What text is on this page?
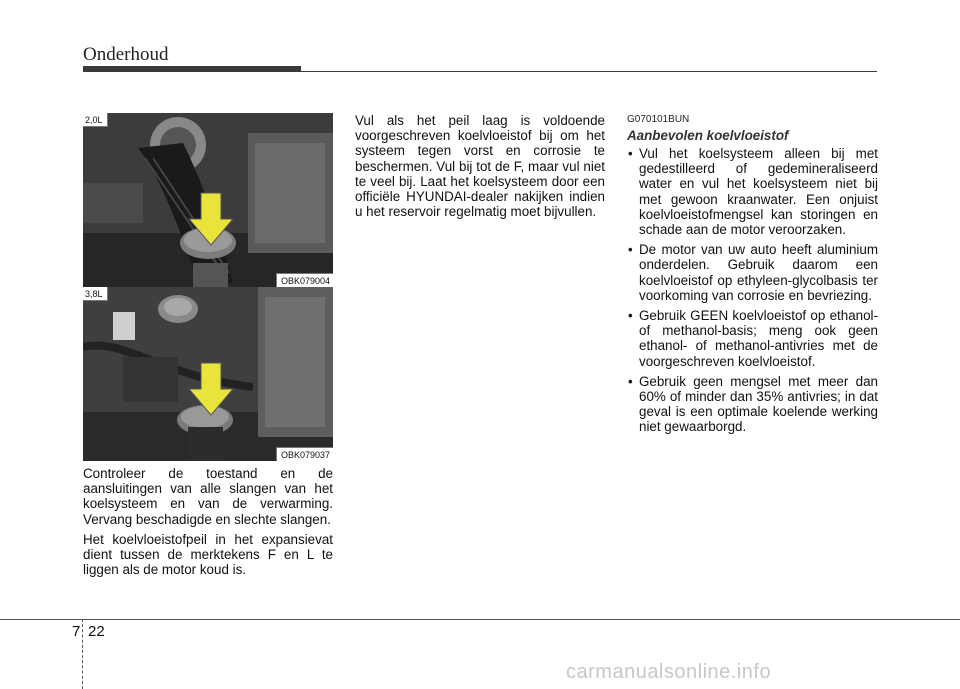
Onderhoud
2,0L
OBK079004
3,8L
OBK079037

Controleer de toestand en de aansluitingen van alle slangen van het koelsysteem en van de verwarming. Vervang beschadigde en slechte slangen.

Het koelvloeistofpeil in het expansievat dient tussen de merktekens F en L te liggen als de motor koud is.

Vul als het peil laag is voldoende voorgeschreven koelvloeistof bij om het systeem tegen vorst en corrosie te beschermen. Vul bij tot de F, maar vul niet te veel bij. Laat het koelsysteem door een officiële HYUNDAI-dealer nakijken indien u het reservoir regelmatig moet bijvullen.

G070101BUN
Aanbevolen koelvloeistof
• Vul het koelsysteem alleen bij met gedestilleerd of gedemineraliseerd water en vul het koelsysteem niet bij met gewoon kraanwater. Een onjuist koelvloeistofmengsel kan storingen en schade aan de motor veroorzaken.
• De motor van uw auto heeft aluminium onderdelen. Gebruik daarom een koelvloeistof op ethyleen-glycolbasis ter voorkoming van corrosie en bevriezing.
• Gebruik GEEN koelvloeistof op ethanol- of methanol-basis; meng ook geen ethanol- of methanol-antivries met de voorgeschreven koelvloeistof.
• Gebruik geen mengsel met meer dan 60% of minder dan 35% antivries; in dat geval is een optimale koelende werking niet gewaarborgd.
7 22
carmanualsonline.info
